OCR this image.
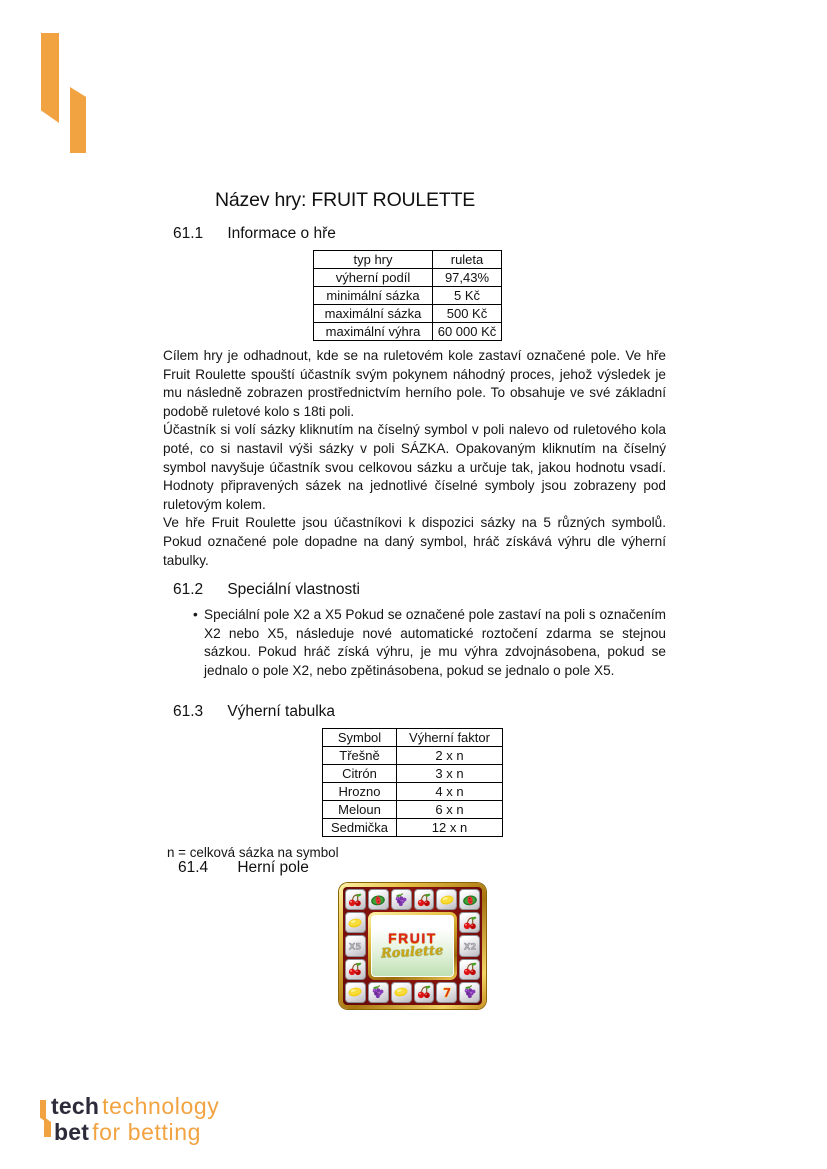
Název hry: FRUIT ROULETTE
61.1 Informace o hře
typ hry	ruleta
výherní podíl	97,43%
minimální sázka	5 Kč
maximální sázka	500 Kč
maximální výhra	60 000 Kč

Cílem hry je odhadnout, kde se na ruletovém kole zastaví označené pole. Ve hře Fruit Roulette spouští účastník svým pokynem náhodný proces, jehož výsledek je mu následně zobrazen prostřednictvím herního pole. To obsahuje ve své základní podobě ruletové kolo s 18ti poli.

Účastník si volí sázky kliknutím na číselný symbol v poli nalevo od ruletového kola poté, co si nastavil výši sázky v poli SÁZKA. Opakovaným kliknutím na číselný symbol navyšuje účastník svou celkovou sázku a určuje tak, jakou hodnotu vsadí. Hodnoty připravených sázek na jednotlivé číselné symboly jsou zobrazeny pod ruletovým kolem.

Ve hře Fruit Roulette jsou účastníkovi k dispozici sázky na 5 různých symbolů. Pokud označené pole dopadne na daný symbol, hráč získává výhru dle výherní tabulky.

61.2 Speciální vlastnosti
• Speciální pole X2 a X5 Pokud se označené pole zastaví na poli s označením X2 nebo X5, následuje nové automatické roztočení zdarma se stejnou sázkou. Pokud hráč získá výhru, je mu výhra zdvojnásobena, pokud se jednalo o pole X2, nebo zpětinásobena, pokud se jednalo o pole X5.
61.3 Výherní tabulka
Symbol	Výherní faktor
Třešně	2 x n
Citrón	3 x n
Hrozno	4 x n
Meloun	6 x n
Sedmička	12 x n
n = celková sázka na symbol
61.4 Herní pole
FRUIT
Roulette
X5	X2
7
tech technology
bet for betting
